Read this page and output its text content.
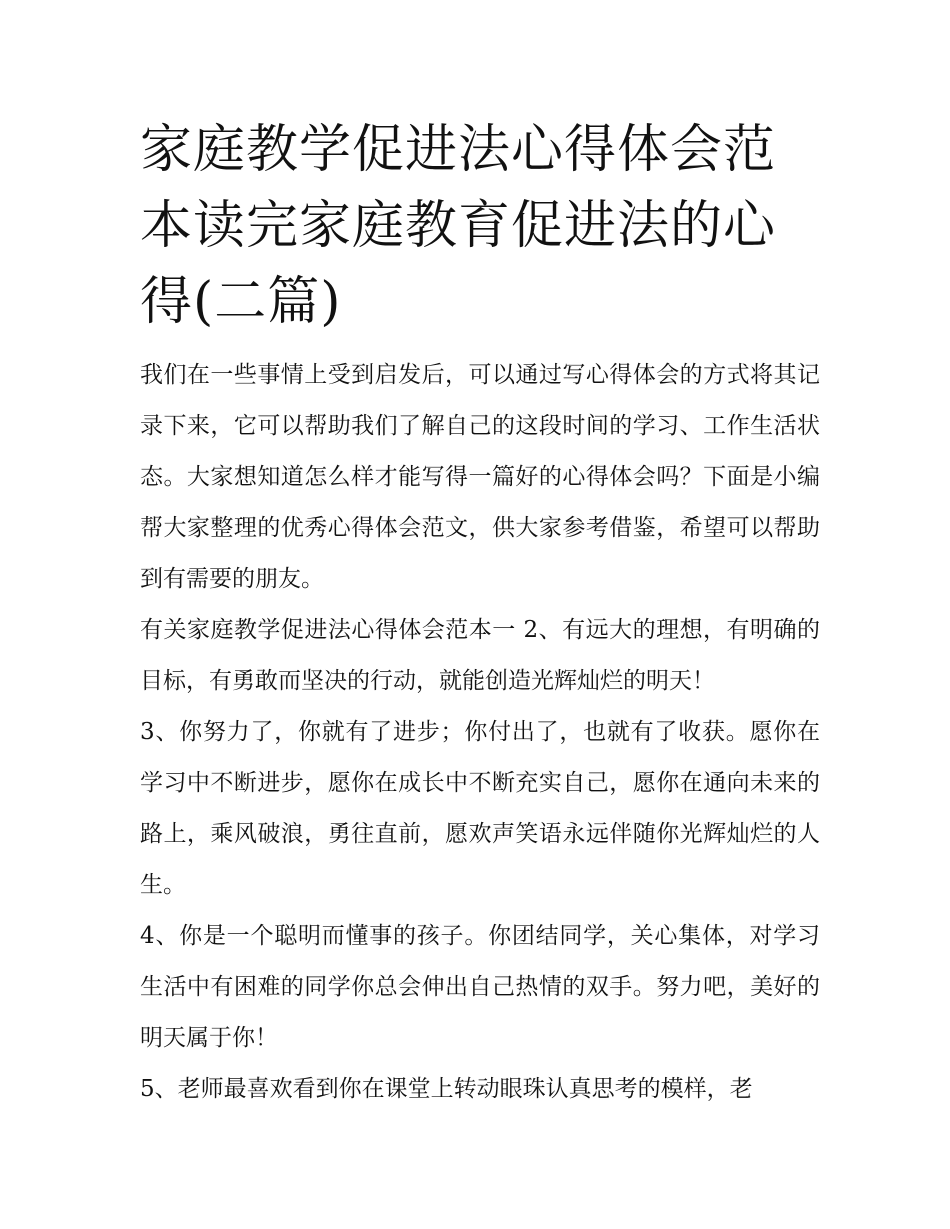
家庭教学促进法心得体会范本读完家庭教育促进法的心得(二篇)

我们在一些事情上受到启发后，可以通过写心得体会的方式将其记录下来，它可以帮助我们了解自己的这段时间的学习、工作生活状态。大家想知道怎么样才能写得一篇好的心得体会吗？下面是小编帮大家整理的优秀心得体会范文，供大家参考借鉴，希望可以帮助到有需要的朋友。

有关家庭教学促进法心得体会范本一 2、有远大的理想，有明确的目标，有勇敢而坚决的行动，就能创造光辉灿烂的明天！

3、你努力了，你就有了进步；你付出了，也就有了收获。愿你在学习中不断进步，愿你在成长中不断充实自己，愿你在通向未来的路上，乘风破浪，勇往直前，愿欢声笑语永远伴随你光辉灿烂的人生。

4、你是一个聪明而懂事的孩子。你团结同学，关心集体，对学习生活中有困难的同学你总会伸出自己热情的双手。努力吧，美好的明天属于你！

5、老师最喜欢看到你在课堂上转动眼珠认真思考的模样，老
